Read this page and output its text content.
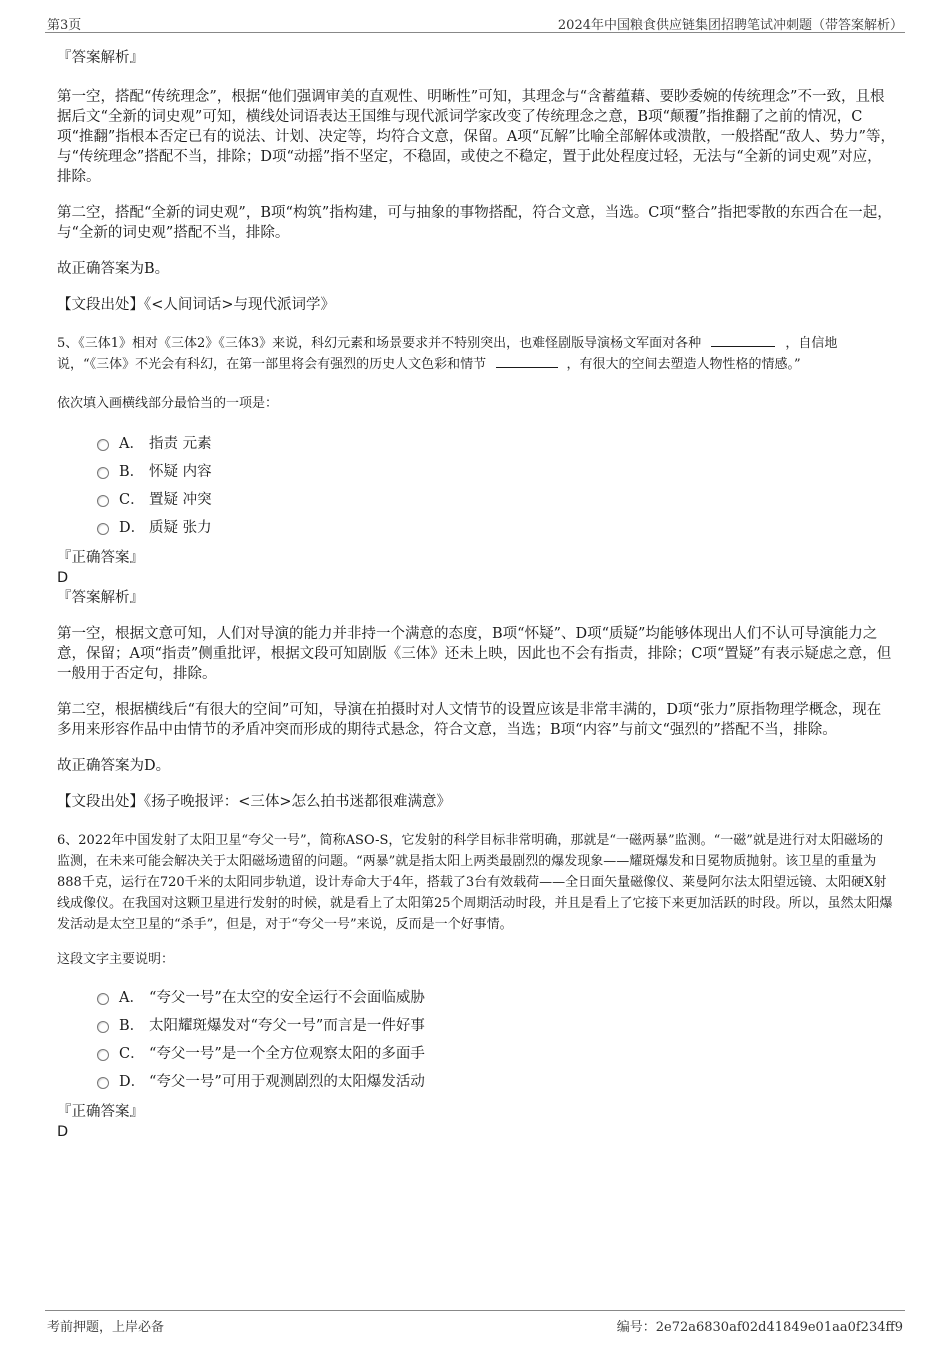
第3页	2024年中国粮食供应链集团招聘笔试冲刺题（带答案解析）

『答案解析』

第一空，搭配“传统理念”，根据“他们强调审美的直观性、明晰性”可知，其理念与“含蓄蕴藉、要眇委婉的传统理念”不一致，且根据后文“全新的词史观”可知，横线处词语表达王国维与现代派词学家改变了传统理念之意，B项“颠覆”指推翻了之前的情况，C项“推翻”指根本否定已有的说法、计划、决定等，均符合文意，保留。A项“瓦解”比喻全部解体或溃散，一般搭配“敌人、势力”等，与“传统理念”搭配不当，排除；D项“动摇”指不坚定，不稳固，或使之不稳定，置于此处程度过轻，无法与“全新的词史观”对应，排除。

第二空，搭配“全新的词史观”，B项“构筑”指构建，可与抽象的事物搭配，符合文意，当选。C项“整合”指把零散的东西合在一起，与“全新的词史观”搭配不当，排除。

故正确答案为B。

【文段出处】《<人间词话>与现代派词学》

5、《三体1》相对《三体2》《三体3》来说，科幻元素和场景要求并不特别突出，也难怪剧版导演杨文军面对各种	，自信地
说，“《三体》不光会有科幻，在第一部里将会有强烈的历史人文色彩和情节	，有很大的空间去塑造人物性格的情感。”

依次填入画横线部分最恰当的一项是：

A． 指责 元素
B． 怀疑 内容
C． 置疑 冲突
D． 质疑 张力

『正确答案』

D

『答案解析』

第一空，根据文意可知，人们对导演的能力并非持一个满意的态度，B项“怀疑”、D项“质疑”均能够体现出人们不认可导演能力之意，保留；A项“指责”侧重批评，根据文段可知剧版《三体》还未上映，因此也不会有指责，排除；C项“置疑”有表示疑虑之意，但一般用于否定句，排除。

第二空，根据横线后“有很大的空间”可知，导演在拍摄时对人文情节的设置应该是非常丰满的，D项“张力”原指物理学概念，现在多用来形容作品中由情节的矛盾冲突而形成的期待式悬念，符合文意，当选；B项“内容”与前文“强烈的”搭配不当，排除。

故正确答案为D。

【文段出处】《扬子晚报评：<三体>怎么拍书迷都很难满意》

6、2022年中国发射了太阳卫星“夸父一号”，简称ASO-S，它发射的科学目标非常明确，那就是“一磁两暴”监测。“一磁”就是进行对太阳磁场的监测，在未来可能会解决关于太阳磁场遗留的问题。“两暴”就是指太阳上两类最剧烈的爆发现象——耀斑爆发和日冕物质抛射。该卫星的重量为888千克，运行在720千米的太阳同步轨道，设计寿命大于4年，搭载了3台有效载荷——全日面矢量磁像仪、莱曼阿尔法太阳望远镜、太阳硬X射线成像仪。在我国对这颗卫星进行发射的时候，就是看上了太阳第25个周期活动时段，并且是看上了它接下来更加活跃的时段。所以，虽然太阳爆发活动是太空卫星的“杀手”，但是，对于“夸父一号”来说，反而是一个好事情。

这段文字主要说明：

A． “夸父一号”在太空的安全运行不会面临威胁
B． 太阳耀斑爆发对“夸父一号”而言是一件好事
C． “夸父一号”是一个全方位观察太阳的多面手
D． “夸父一号”可用于观测剧烈的太阳爆发活动

『正确答案』

D

考前押题，上岸必备	编号：2e72a6830af02d41849e01aa0f234ff9
